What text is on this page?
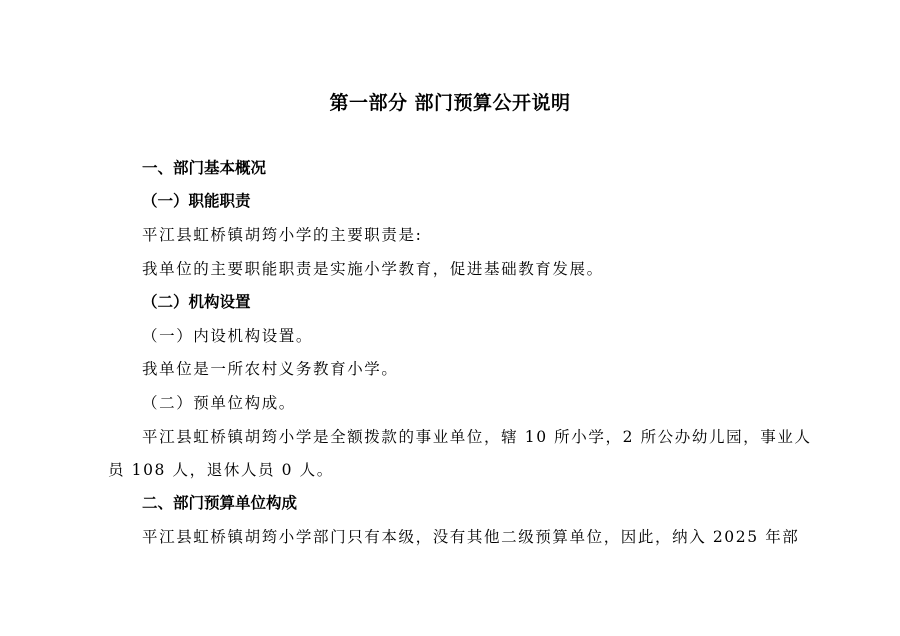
第一部分 部门预算公开说明
一、部门基本概况
（一）职能职责
平江县虹桥镇胡筠小学的主要职责是:
我单位的主要职能职责是实施小学教育，促进基础教育发展。
（二）机构设置
（一）内设机构设置。
我单位是一所农村义务教育小学。
（二）预单位构成。
平江县虹桥镇胡筠小学是全额拨款的事业单位，辖 10 所小学，2 所公办幼儿园，事业人
员 108 人，退休人员 0 人。
二、部门预算单位构成
平江县虹桥镇胡筠小学部门只有本级，没有其他二级预算单位，因此，纳入 2025 年部
